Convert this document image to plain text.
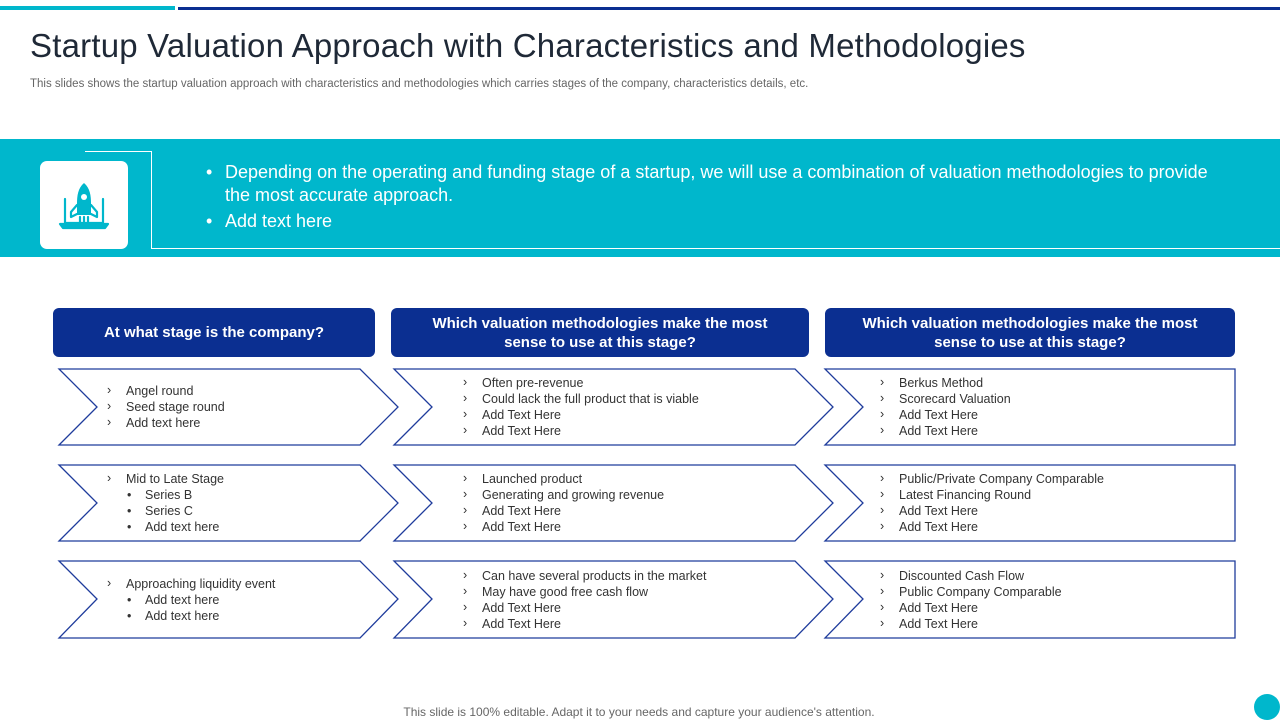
Startup Valuation Approach with Characteristics and Methodologies

This slides shows the startup valuation approach with characteristics and methodologies which carries stages of the company, characteristics details, etc.

• Depending on the operating and funding stage of a startup, we will use a combination of valuation methodologies to provide the most accurate approach.
• Add text here
At what stage is the company?
Which valuation methodologies make the most sense to use at this stage?
Which valuation methodologies make the most sense to use at this stage?
› Angel round
› Seed stage round
› Add text here
› Often pre-revenue
› Could lack the full product that is viable
› Add Text Here
› Add Text Here
› Berkus Method
› Scorecard Valuation
› Add Text Here
› Add Text Here
› Mid to Late Stage
• Series B
• Series C
• Add text here
› Launched product
› Generating and growing revenue
› Add Text Here
› Add Text Here
› Public/Private Company Comparable
› Latest Financing Round
› Add Text Here
› Add Text Here
› Approaching liquidity event
• Add text here
• Add text here
› Can have several products in the market
› May have good free cash flow
› Add Text Here
› Add Text Here
› Discounted Cash Flow
› Public Company Comparable
› Add Text Here
› Add Text Here
This slide is 100% editable. Adapt it to your needs and capture your audience's attention.
